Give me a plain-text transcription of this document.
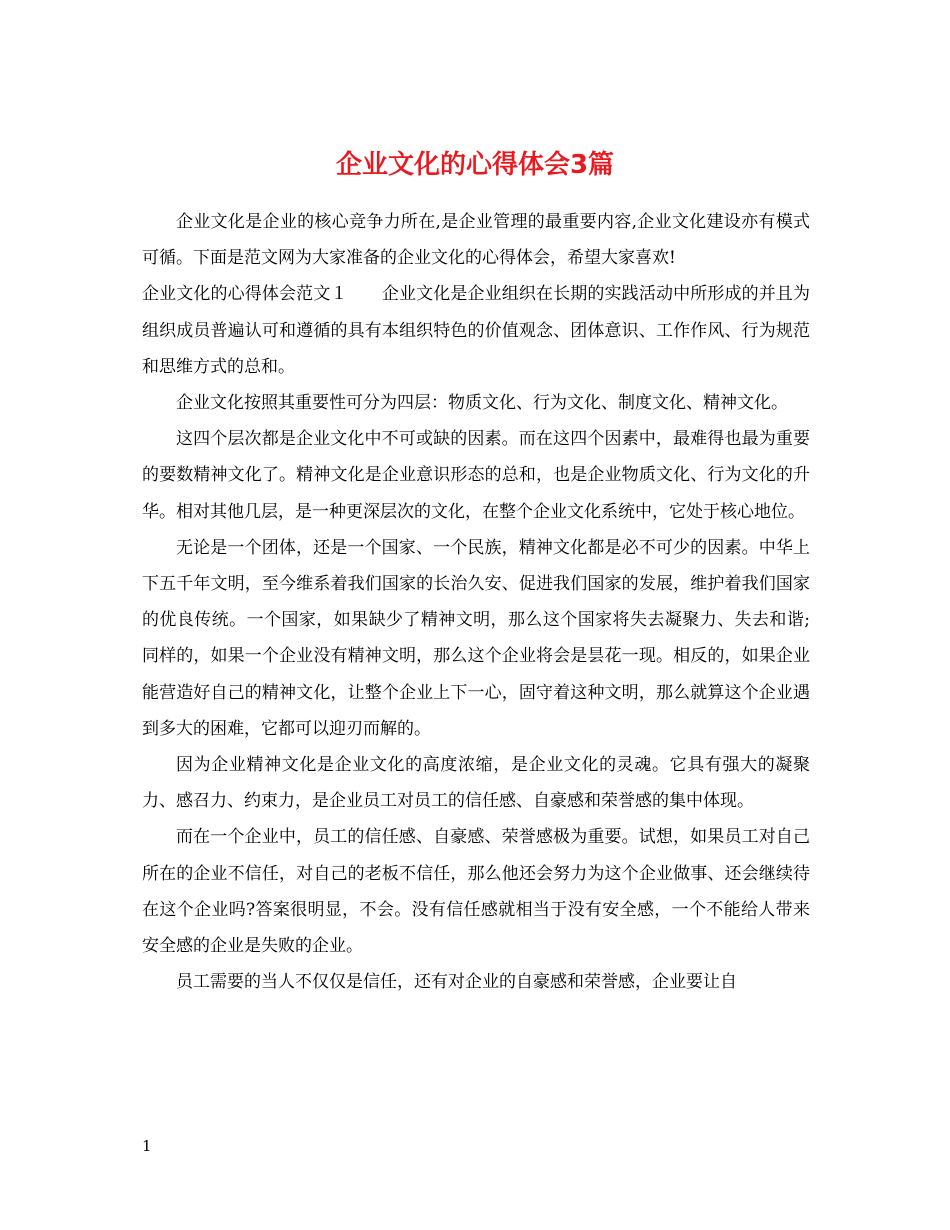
企业文化的心得体会3篇

企业文化是企业的核心竞争力所在,是企业管理的最重要内容,企业文化建设亦有模式可循。下面是范文网为大家准备的企业文化的心得体会，希望大家喜欢!

企业文化的心得体会范文１　　企业文化是企业组织在长期的实践活动中所形成的并且为组织成员普遍认可和遵循的具有本组织特色的价值观念、团体意识、工作作风、行为规范和思维方式的总和。

企业文化按照其重要性可分为四层：物质文化、行为文化、制度文化、精神文化。

这四个层次都是企业文化中不可或缺的因素。而在这四个因素中，最难得也最为重要的要数精神文化了。精神文化是企业意识形态的总和，也是企业物质文化、行为文化的升华。相对其他几层，是一种更深层次的文化，在整个企业文化系统中，它处于核心地位。

无论是一个团体，还是一个国家、一个民族，精神文化都是必不可少的因素。中华上下五千年文明，至今维系着我们国家的长治久安、促进我们国家的发展，维护着我们国家的优良传统。一个国家，如果缺少了精神文明，那么这个国家将失去凝聚力、失去和谐;同样的，如果一个企业没有精神文明，那么这个企业将会是昙花一现。相反的，如果企业能营造好自己的精神文化，让整个企业上下一心，固守着这种文明，那么就算这个企业遇到多大的困难，它都可以迎刃而解的。

因为企业精神文化是企业文化的高度浓缩，是企业文化的灵魂。它具有强大的凝聚力、感召力、约束力，是企业员工对员工的信任感、自豪感和荣誉感的集中体现。

而在一个企业中，员工的信任感、自豪感、荣誉感极为重要。试想，如果员工对自己所在的企业不信任，对自己的老板不信任，那么他还会努力为这个企业做事、还会继续待在这个企业吗?答案很明显，不会。没有信任感就相当于没有安全感，一个不能给人带来安全感的企业是失败的企业。

员工需要的当人不仅仅是信任，还有对企业的自豪感和荣誉感，企业要让自

1
